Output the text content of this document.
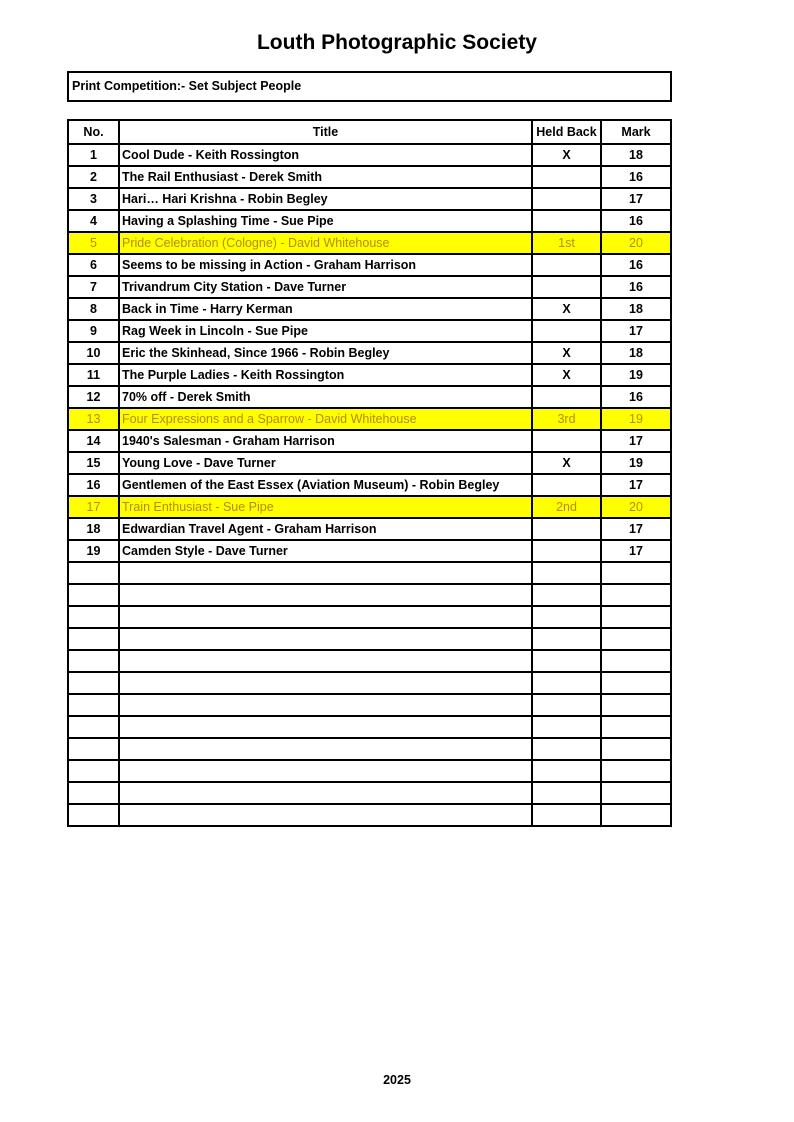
Louth Photographic Society
Print Competition:- Set Subject People
No.	Title	Held Back	Mark
1	Cool Dude - Keith Rossington	X	18
2	The Rail Enthusiast - Derek Smith		16
3	Hari… Hari Krishna - Robin Begley		17
4	Having a Splashing Time - Sue Pipe		16
5	Pride Celebration (Cologne) - David Whitehouse	1st	20
6	Seems to be missing in Action - Graham Harrison		16
7	Trivandrum City Station - Dave Turner		16
8	Back in Time - Harry Kerman	X	18
9	Rag Week in Lincoln - Sue Pipe		17
10	Eric the Skinhead, Since 1966 - Robin Begley	X	18
11	The Purple Ladies - Keith Rossington	X	19
12	70% off - Derek Smith		16
13	Four Expressions and a Sparrow - David Whitehouse	3rd	19
14	1940's Salesman - Graham Harrison		17
15	Young Love - Dave Turner	X	19
16	Gentlemen of the East Essex (Aviation Museum) - Robin Begley		17
17	Train Enthusiast - Sue Pipe	2nd	20
18	Edwardian Travel Agent - Graham Harrison		17
19	Camden Style - Dave Turner		17

2025
